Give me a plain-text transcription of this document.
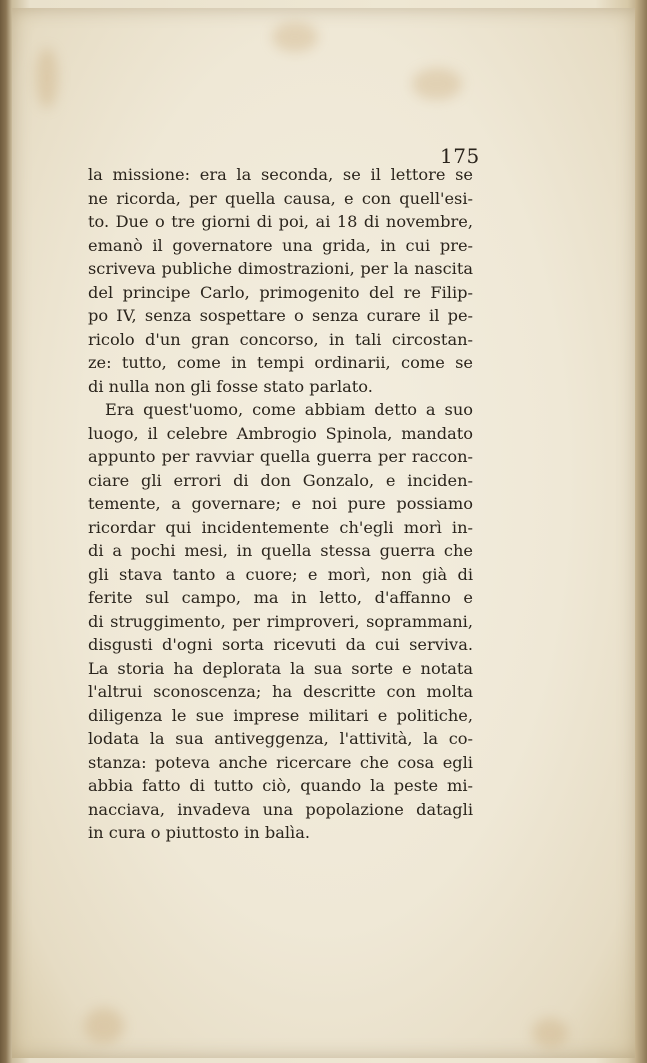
175
la missione: era la seconda, se il lettore se
ne ricorda, per quella causa, e con quell'esi-
to. Due o tre giorni di poi, ai 18 di novembre,
emanò il governatore una grida, in cui pre-
scriveva publiche dimostrazioni, per la nascita
del principe Carlo, primogenito del re Filip-
po IV, senza sospettare o senza curare il pe-
ricolo d'un gran concorso, in tali circostan-
ze: tutto, come in tempi ordinarii, come se
di nulla non gli fosse stato parlato.
Era quest'uomo, come abbiam detto a suo
luogo, il celebre Ambrogio Spinola, mandato
appunto per ravviar quella guerra per raccon-
ciare gli errori di don Gonzalo, e inciden-
temente, a governare; e noi pure possiamo
ricordar qui incidentemente ch'egli morì in-
di a pochi mesi, in quella stessa guerra che
gli stava tanto a cuore; e morì, non già di
ferite sul campo, ma in letto, d'affanno e
di struggimento, per rimproveri, soprammani,
disgusti d'ogni sorta ricevuti da cui serviva.
La storia ha deplorata la sua sorte e notata
l'altrui sconoscenza; ha descritte con molta
diligenza le sue imprese militari e politiche,
lodata la sua antiveggenza, l'attività, la co-
stanza: poteva anche ricercare che cosa egli
abbia fatto di tutto ciò, quando la peste mi-
nacciava, invadeva una popolazione datagli
in cura o piuttosto in balìa.
